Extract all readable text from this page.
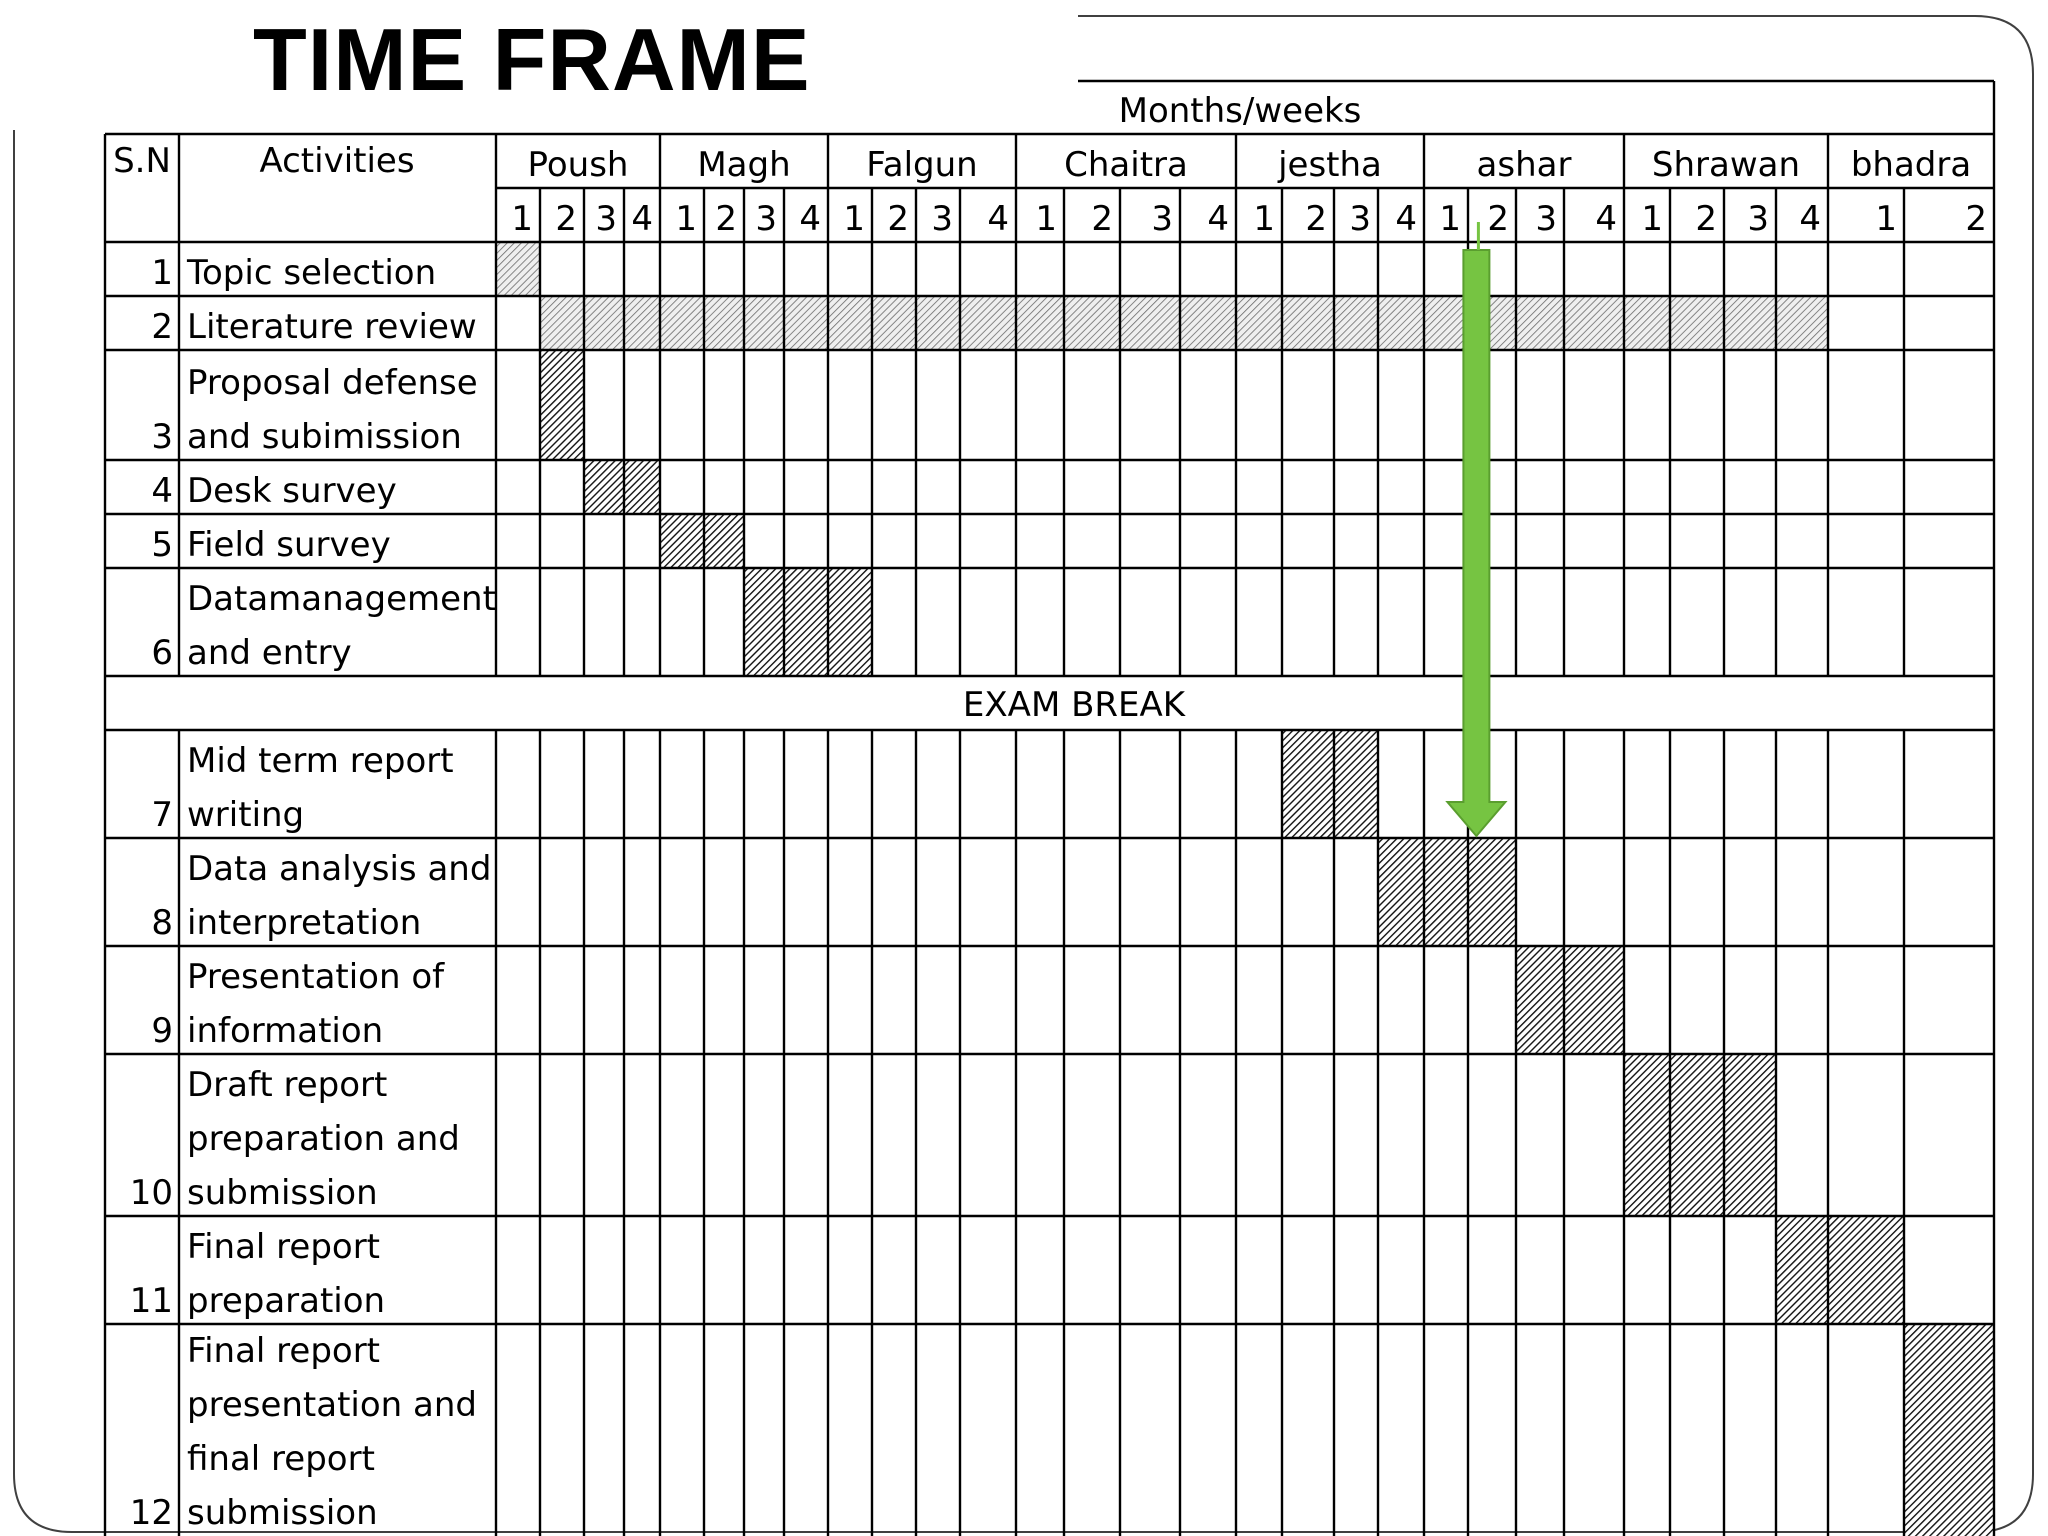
TIME FRAME
Months/weeks
S.N	Activities	Poush
1 2 3 4
Magh
1 2 3 4
Falgun
1 2 3 4
Chaitra
1 2 3 4
jestha
1 2 3 4
ashar
1 2 3 4
Shrawan
1 2 3 4
bhadra
1 2
EXAM BREAK
Topic selection
1
Literature review
2
Proposal defense
and subimission
3
Desk survey
4
Field survey
5
Datamanagement
and entry
6
Mid term report
writing
7
Data analysis and
interpretation
8
Presentation of
information
9
Draft report
preparation and
submission
10
Final report
preparation
11
Final report
presentation and
final report
submission
12
